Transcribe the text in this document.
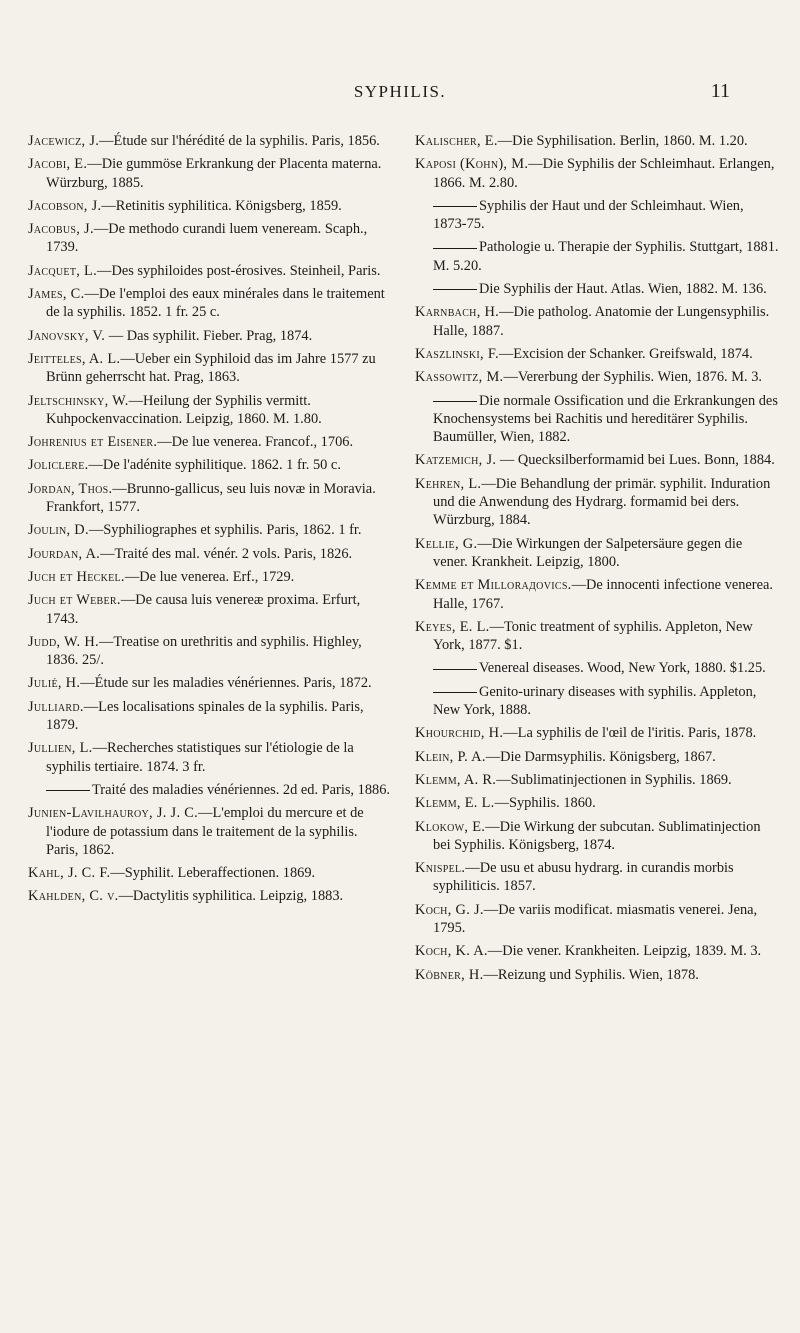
SYPHILIS.	11

Jacewicz, J.—Étude sur l'hérédité de la syphilis. Paris, 1856.

Jacobi, E.—Die gummöse Erkrankung der Placenta materna. Würzburg, 1885.

Jacobson, J.—Retinitis syphilitica. Königsberg, 1859.

Jacobus, J.—De methodo curandi luem veneream. Scaph., 1739.

Jacquet, L.—Des syphiloides post-érosives. Steinheil, Paris.

James, C.—De l'emploi des eaux minérales dans le traitement de la syphilis. 1852. 1 fr. 25 c.

Janovsky, V. — Das syphilit. Fieber. Prag, 1874.

Jeitteles, A. L.—Ueber ein Syphiloid das im Jahre 1577 zu Brünn geherrscht hat. Prag, 1863.

Jeltschinsky, W.—Heilung der Syphilis vermitt. Kuhpockenvaccination. Leipzig, 1860. M. 1.80.

Johrenius et Eisener.—De lue venerea. Francof., 1706.

Joliclere.—De l'adénite syphilitique. 1862. 1 fr. 50 c.

Jordan, Thos.—Brunno-gallicus, seu luis novæ in Moravia. Frankfort, 1577.

Joulin, D.—Syphiliographes et syphilis. Paris, 1862. 1 fr.

Jourdan, A.—Traité des mal. vénér. 2 vols. Paris, 1826.

Juch et Heckel.—De lue venerea. Erf., 1729.

Juch et Weber.—De causa luis venereæ proxima. Erfurt, 1743.

Judd, W. H.—Treatise on urethritis and syphilis. Highley, 1836. 25/.

Julié, H.—Étude sur les maladies vénériennes. Paris, 1872.

Julliard.—Les localisations spinales de la syphilis. Paris, 1879.

Jullien, L.—Recherches statistiques sur l'étiologie de la syphilis tertiaire. 1874. 3 fr.

Traité des maladies vénériennes. 2d ed. Paris, 1886.

Junien-Lavilhauroy, J. J. C.—L'emploi du mercure et de l'iodure de potassium dans le traitement de la syphilis. Paris, 1862.

Kahl, J. C. F.—Syphilit. Leberaffectionen. 1869.

Kahlden, C. v.—Dactylitis syphilitica. Leipzig, 1883.

Kalischer, E.—Die Syphilisation. Berlin, 1860. M. 1.20.

Kaposi (Kohn), M.—Die Syphilis der Schleimhaut. Erlangen, 1866. M. 2.80.

Syphilis der Haut und der Schleimhaut. Wien, 1873-75.

Pathologie u. Therapie der Syphilis. Stuttgart, 1881. M. 5.20.

Die Syphilis der Haut. Atlas. Wien, 1882. M. 136.

Karnbach, H.—Die patholog. Anatomie der Lungensyphilis. Halle, 1887.

Kaszlinski, F.—Excision der Schanker. Greifswald, 1874.

Kassowitz, M.—Vererbung der Syphilis. Wien, 1876. M. 3.

Die normale Ossification und die Erkrankungen des Knochensystems bei Rachitis und hereditärer Syphilis. Baumüller, Wien, 1882.

Katzemich, J. — Quecksilberformamid bei Lues. Bonn, 1884.

Kehren, L.—Die Behandlung der primär. syphilit. Induration und die Anwendung des Hydrarg. formamid bei ders. Würzburg, 1884.

Kellie, G.—Die Wirkungen der Salpetersäure gegen die vener. Krankheit. Leipzig, 1800.

Kemme et Millorадovics.—De innocenti infectione venerea. Halle, 1767.

Keyes, E. L.—Tonic treatment of syphilis. Appleton, New York, 1877. $1.

Venereal diseases. Wood, New York, 1880. $1.25.

Genito-urinary diseases with syphilis. Appleton, New York, 1888.

Khourchid, H.—La syphilis de l'œil de l'iritis. Paris, 1878.

Klein, P. A.—Die Darmsyphilis. Königsberg, 1867.

Klemm, A. R.—Sublimatinjectionen in Syphilis. 1869.

Klemm, E. L.—Syphilis. 1860.

Klokow, E.—Die Wirkung der subcutan. Sublimatinjection bei Syphilis. Königsberg, 1874.

Knispel.—De usu et abusu hydrarg. in curandis morbis syphiliticis. 1857.

Koch, G. J.—De variis modificat. miasmatis venerei. Jena, 1795.

Koch, K. A.—Die vener. Krankheiten. Leipzig, 1839. M. 3.

Köbner, H.—Reizung und Syphilis. Wien, 1878.
